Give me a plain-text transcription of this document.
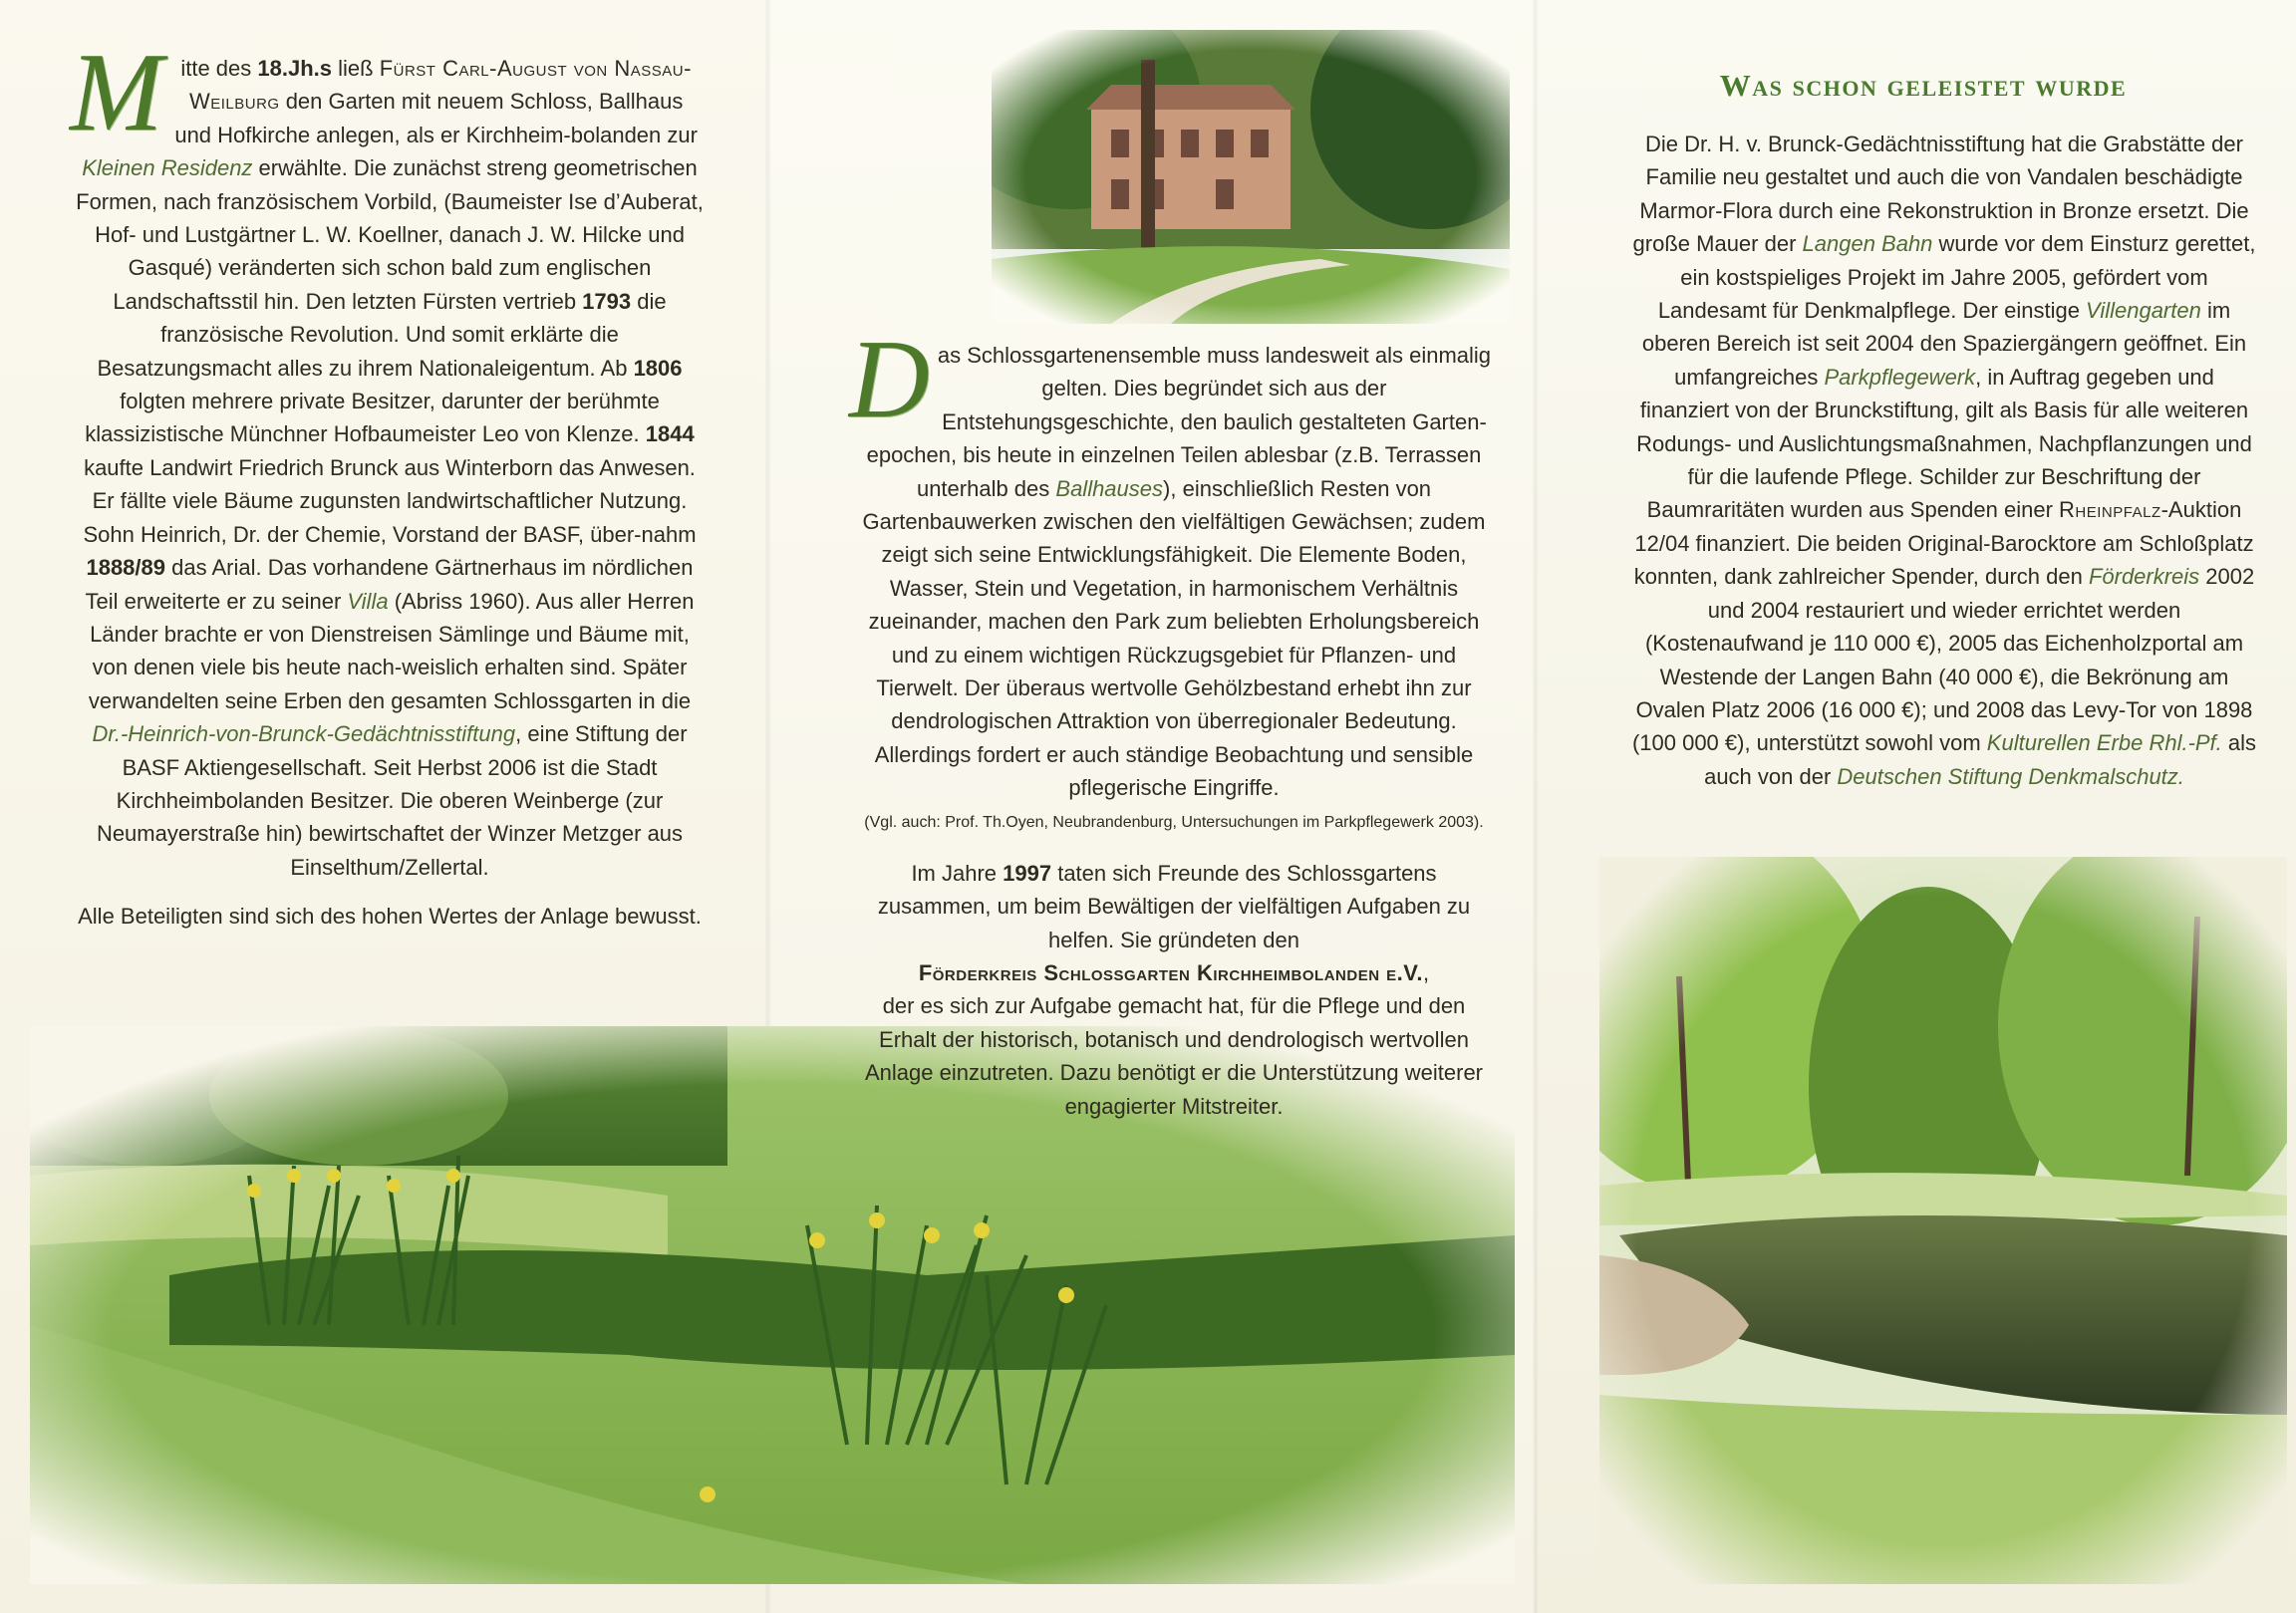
M itte des 18.Jh.s ließ Fürst Carl-August von Nassau-Weilburg den Garten mit neuem Schloss, Ballhaus und Hofkirche anlegen, als er Kirchheim-bolanden zur Kleinen Residenz erwählte. Die zunächst streng geometrischen Formen, nach französischem Vorbild, (Baumeister Ise d’Auberat, Hof- und Lustgärtner L. W. Koellner, danach J. W. Hilcke und Gasqué) veränderten sich schon bald zum englischen Landschaftsstil hin. Den letzten Fürsten vertrieb 1793 die französische Revolution. Und somit erklärte die Besatzungsmacht alles zu ihrem Nationaleigentum. Ab 1806 folgten mehrere private Besitzer, darunter der berühmte klassizistische Münchner Hofbaumeister Leo von Klenze. 1844 kaufte Landwirt Friedrich Brunck aus Winterborn das Anwesen. Er fällte viele Bäume zugunsten landwirtschaftlicher Nutzung. Sohn Heinrich, Dr. der Chemie, Vorstand der BASF, über-nahm 1888/89 das Arial. Das vorhandene Gärtnerhaus im nördlichen Teil erweiterte er zu seiner Villa (Abriss 1960). Aus aller Herren Länder brachte er von Dienstreisen Sämlinge und Bäume mit, von denen viele bis heute nach-weislich erhalten sind. Später verwandelten seine Erben den gesamten Schlossgarten in die Dr.-Heinrich-von-Brunck-Gedächtnisstiftung, eine Stiftung der BASF Aktiengesellschaft. Seit Herbst 2006 ist die Stadt Kirchheimbolanden Besitzer. Die oberen Weinberge (zur Neumayerstraße hin) bewirtschaftet der Winzer Metzger aus Einselthum/Zellertal.

Alle Beteiligten sind sich des hohen Wertes der Anlage bewusst.

D as Schlossgartenensemble muss landesweit als einmalig gelten. Dies begründet sich aus der Entstehungsgeschichte, den baulich gestalteten Garten-epochen, bis heute in einzelnen Teilen ablesbar (z.B. Terrassen unterhalb des Ballhauses), einschließlich Resten von Gartenbauwerken zwischen den vielfältigen Gewächsen; zudem zeigt sich seine Entwicklungsfähigkeit. Die Elemente Boden, Wasser, Stein und Vegetation, in harmonischem Verhältnis zueinander, machen den Park zum beliebten Erholungsbereich und zu einem wichtigen Rückzugsgebiet für Pflanzen- und Tierwelt. Der überaus wertvolle Gehölzbestand erhebt ihn zur dendrologischen Attraktion von überregionaler Bedeutung. Allerdings fordert er auch ständige Beobachtung und sensible pflegerische Eingriffe.

(Vgl. auch: Prof. Th.Oyen, Neubrandenburg, Untersuchungen im Parkpflegewerk 2003).

Im Jahre 1997 taten sich Freunde des Schlossgartens zusammen, um beim Bewältigen der vielfältigen Aufgaben zu helfen. Sie gründeten den
Förderkreis Schlossgarten Kirchheimbolanden e.V.,
der es sich zur Aufgabe gemacht hat, für die Pflege und den Erhalt der historisch, botanisch und dendrologisch wertvollen Anlage einzutreten. Dazu benötigt er die Unterstützung weiterer engagierter Mitstreiter.

Was schon geleistet wurde

Die Dr. H. v. Brunck-Gedächtnisstiftung hat die Grabstätte der Familie neu gestaltet und auch die von Vandalen beschädigte Marmor-Flora durch eine Rekonstruktion in Bronze ersetzt. Die große Mauer der Langen Bahn wurde vor dem Einsturz gerettet, ein kostspieliges Projekt im Jahre 2005, gefördert vom Landesamt für Denkmalpflege. Der einstige Villengarten im oberen Bereich ist seit 2004 den Spaziergängern geöffnet. Ein umfangreiches Parkpflegewerk, in Auftrag gegeben und finanziert von der Brunckstiftung, gilt als Basis für alle weiteren Rodungs- und Auslichtungsmaßnahmen, Nachpflanzungen und für die laufende Pflege. Schilder zur Beschriftung der Baumraritäten wurden aus Spenden einer Rheinpfalz-Auktion 12/04 finanziert. Die beiden Original-Barocktore am Schloßplatz konnten, dank zahlreicher Spender, durch den Förderkreis 2002 und 2004 restauriert und wieder errichtet werden (Kostenaufwand je 110 000 €), 2005 das Eichenholzportal am Westende der Langen Bahn (40 000 €), die Bekrönung am Ovalen Platz 2006 (16 000 €); und 2008 das Levy-Tor von 1898 (100 000 €), unterstützt sowohl vom Kulturellen Erbe Rhl.-Pf. als auch von der Deutschen Stiftung Denkmalschutz.
